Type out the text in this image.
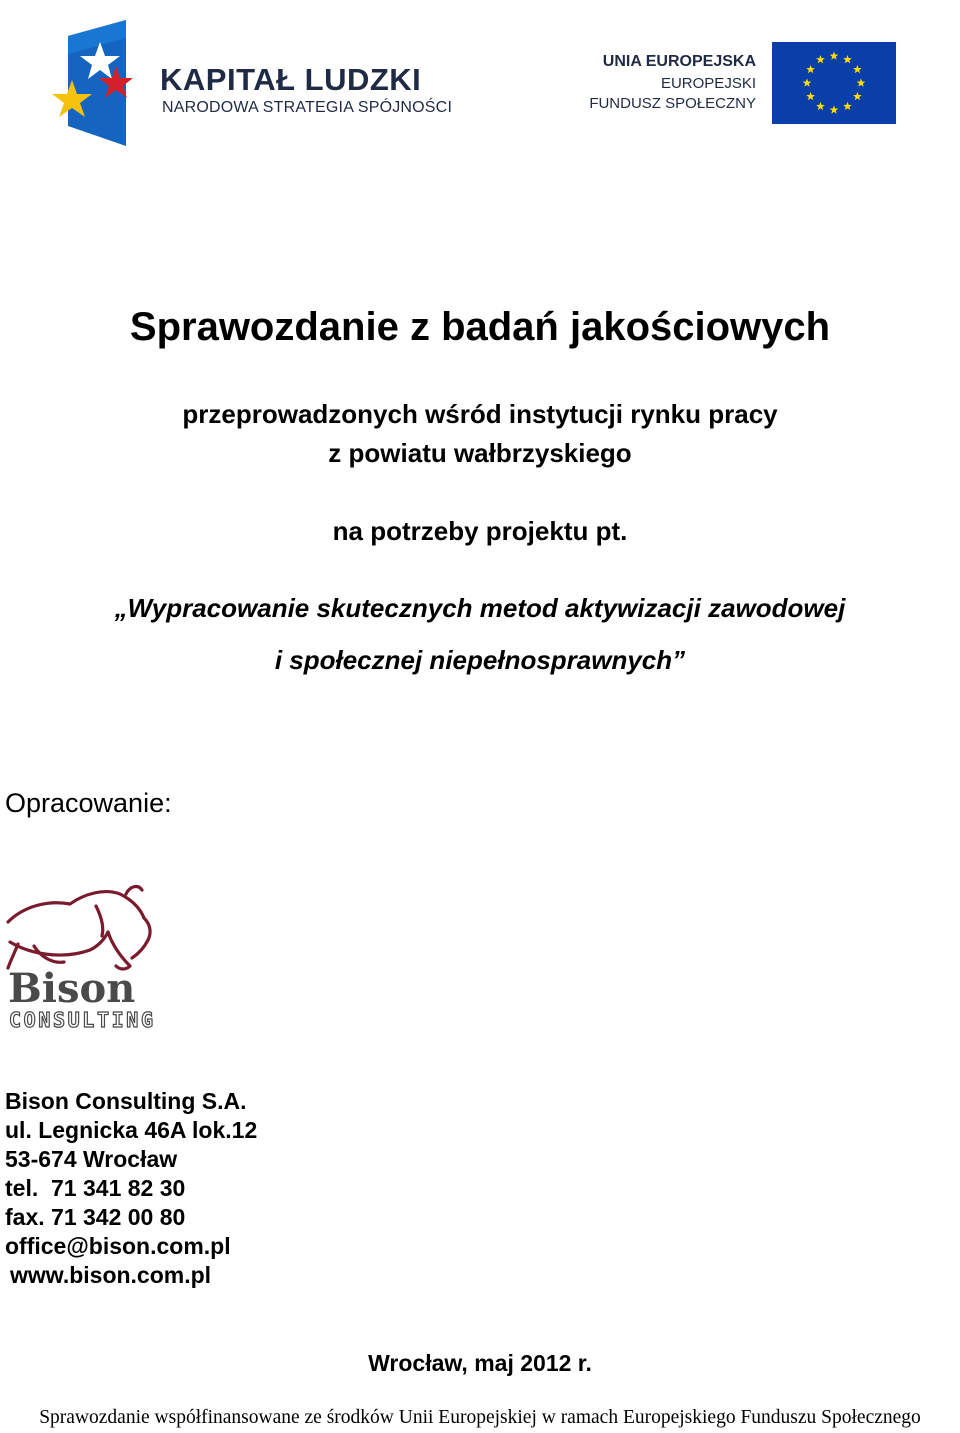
KAPITAŁ LUDZKI
NARODOWA STRATEGIA SPÓJNOŚCI
UNIA EUROPEJSKA
EUROPEJSKI
FUNDUSZ SPOŁECZNY
Sprawozdanie z badań jakościowych
przeprowadzonych wśród instytucji rynku pracy
z powiatu wałbrzyskiego
na potrzeby projektu pt.
„Wypracowanie skutecznych metod aktywizacji zawodowej
i społecznej niepełnosprawnych”
Opracowanie:
Bison
CONSULTING
Bison Consulting S.A.
ul. Legnicka 46A lok.12
53-674 Wrocław
tel.  71 341 82 30
fax. 71 342 00 80
office@bison.com.pl
www.bison.com.pl
Wrocław, maj 2012 r.
Sprawozdanie współfinansowane ze środków Unii Europejskiej w ramach Europejskiego Funduszu Społecznego
